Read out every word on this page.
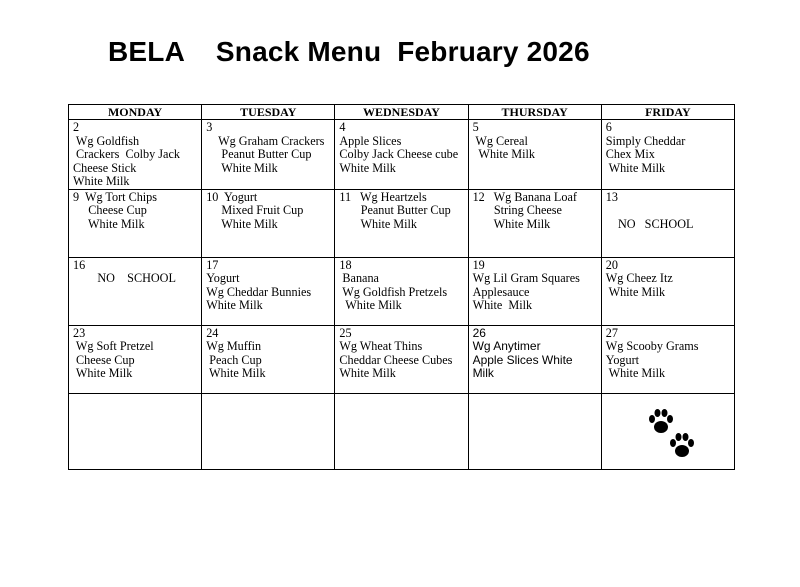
BELA    Snack Menu  February 2026
MONDAY	TUESDAY	WEDNESDAY	THURSDAY	FRIDAY

2
Wg Goldfish
Crackers  Colby Jack
Cheese Stick
White Milk	3
Wg Graham Crackers
Peanut Butter Cup
White Milk	4
Apple Slices
Colby Jack Cheese cube
White Milk	5
Wg Cereal
White Milk	6
Simply Cheddar
Chex Mix
White Milk

9  Wg Tort Chips
Cheese Cup
White Milk	10  Yogurt
Mixed Fruit Cup
White Milk	11   Wg Heartzels
Peanut Butter Cup
White Milk	12   Wg Banana Loaf
String Cheese
White Milk	13

NO   SCHOOL

16
NO    SCHOOL	17
Yogurt
Wg Cheddar Bunnies
White Milk	18
Banana
Wg Goldfish Pretzels
White Milk	19
Wg Lil Gram Squares
Applesauce
White  Milk	20
Wg Cheez Itz
White Milk

23
Wg Soft Pretzel
Cheese Cup
White Milk	24
Wg Muffin
Peach Cup
White Milk	25
Wg Wheat Thins
Cheddar Cheese Cubes
White Milk	26
Wg Anytimer
Apple Slices White
Milk	27
Wg Scooby Grams
Yogurt
White Milk
